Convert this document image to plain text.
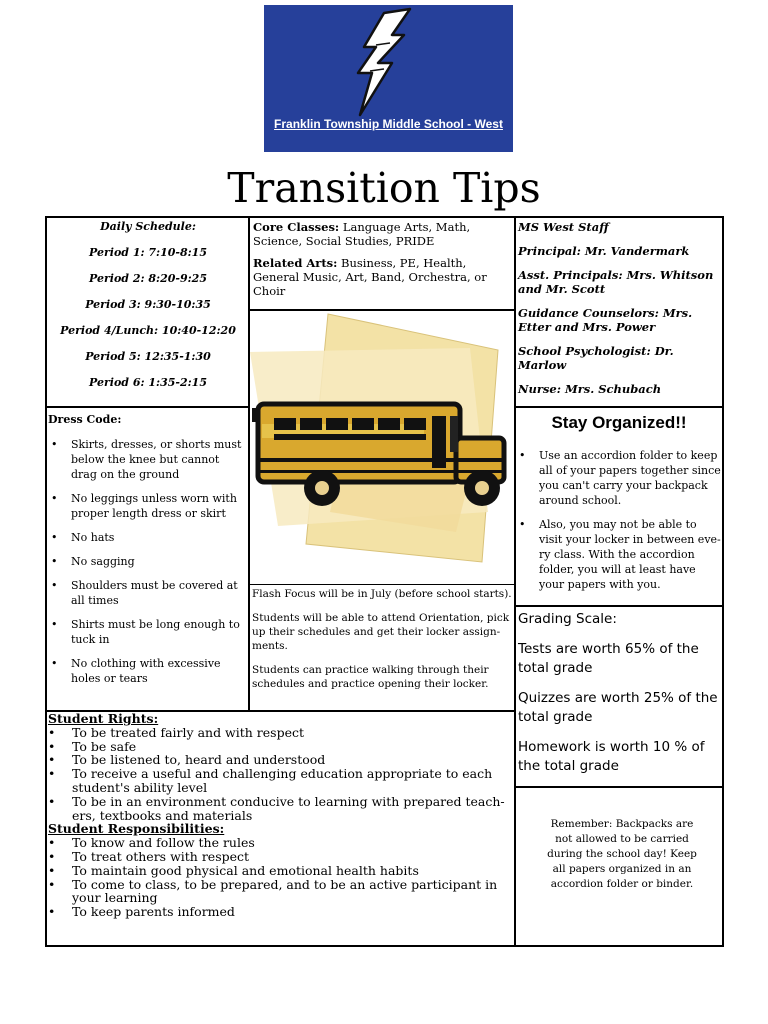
Franklin Township Middle School - West
Transition Tips

Daily Schedule:

Period 1: 7:10-8:15

Period 2: 8:20-9:25

Period 3: 9:30-10:35

Period 4/Lunch: 10:40-12:20

Period 5: 12:35-1:30

Period 6: 1:35-2:15

Core Classes: Language Arts, Math, Science, Social Studies, PRIDE

Related Arts: Business, PE, Health, General Music, Art, Band, Orchestra, or Choir

MS West Staff

Principal: Mr. Vandermark

Asst. Principals: Mrs. Whitson and Mr. Scott

Guidance Counselors: Mrs. Etter and Mrs. Power

School Psychologist: Dr. Marlow

Nurse: Mrs. Schubach

Dress Code:
• Skirts, dresses, or shorts must below the knee but cannot drag on the ground
• No leggings unless worn with proper length dress or skirt
• No hats
• No sagging
• Shoulders must be covered at all times
• Shirts must be long enough to tuck in
• No clothing with excessive holes or tears

Flash Focus will be in July (before school starts).

Students will be able to attend Orientation, pick up their schedules and get their locker assign-ments.

Students can practice walking through their schedules and practice opening their locker.

Stay Organized!!
• Use an accordion folder to keep all of your papers together since you can't carry your backpack around school.
• Also, you may not be able to visit your locker in between eve-ry class. With the accordion folder, you will at least have your papers with you.

Grading Scale:

Tests are worth 65% of the total grade

Quizzes are worth 25% of the total grade

Homework is worth 10 % of the total grade

Remember: Backpacks are not allowed to be carried during the school day! Keep all papers organized in an accordion folder or binder.
Student Rights:
• To be treated fairly and with respect
• To be safe
• To be listened to, heard and understood
• To receive a useful and challenging education appropriate to each student's ability level
• To be in an environment conducive to learning with prepared teach-ers, textbooks and materials
Student Responsibilities:
• To know and follow the rules
• To treat others with respect
• To maintain good physical and emotional health habits
• To come to class, to be prepared, and to be an active participant in your learning
• To keep parents informed
